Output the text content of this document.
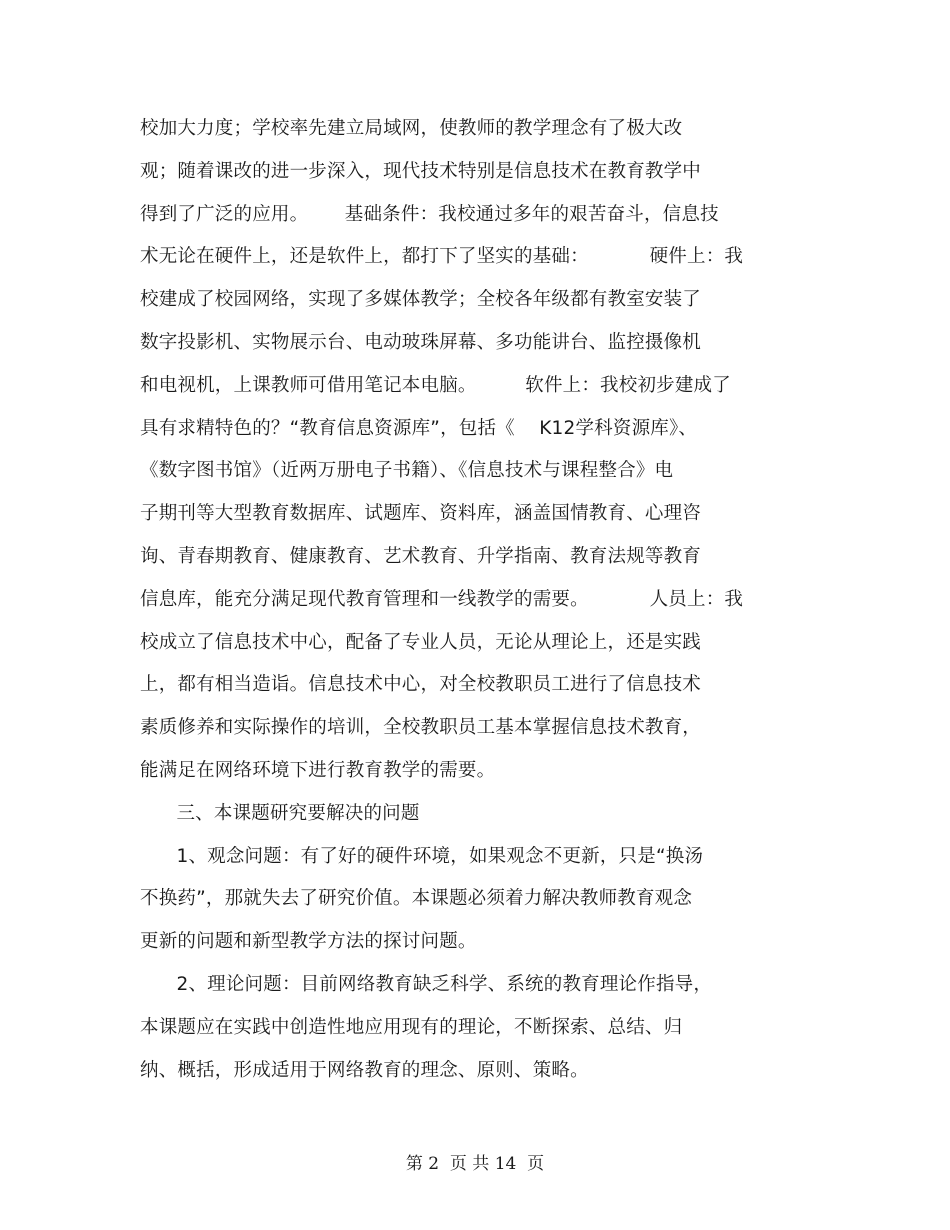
校加大力度；学校率先建立局域网，使教师的教学理念有了极大改
观；随着课改的进一步深入，现代技术特别是信息技术在教育教学中
得到了广泛的应用。      基础条件：我校通过多年的艰苦奋斗，信息技
术无论在硬件上，还是软件上，都打下了坚实的基础：          硬件上：我
校建成了校园网络，实现了多媒体教学；全校各年级都有教室安装了
数字投影机、实物展示台、电动玻珠屏幕、多功能讲台、监控摄像机
和电视机，上课教师可借用笔记本电脑。        软件上：我校初步建成了
具有求精特色的？“教育信息资源库”，包括《    K12学科资源库》、
《数字图书馆》（近两万册电子书籍）、《信息技术与课程整合》电
子期刊等大型教育数据库、试题库、资料库，涵盖国情教育、心理咨
询、青春期教育、健康教育、艺术教育、升学指南、教育法规等教育
信息库，能充分满足现代教育管理和一线教学的需要。          人员上：我
校成立了信息技术中心，配备了专业人员，无论从理论上，还是实践
上，都有相当造诣。信息技术中心，对全校教职员工进行了信息技术
素质修养和实际操作的培训，全校教职员工基本掌握信息技术教育，
能满足在网络环境下进行教育教学的需要。
三、本课题研究要解决的问题
1、观念问题：有了好的硬件环境，如果观念不更新，只是“换汤
不换药”，那就失去了研究价值。本课题必须着力解决教师教育观念
更新的问题和新型教学方法的探讨问题。
2、理论问题：目前网络教育缺乏科学、系统的教育理论作指导，
本课题应在实践中创造性地应用现有的理论，不断探索、总结、归
纳、概括，形成适用于网络教育的理念、原则、策略。
第 2  页 共 14  页
